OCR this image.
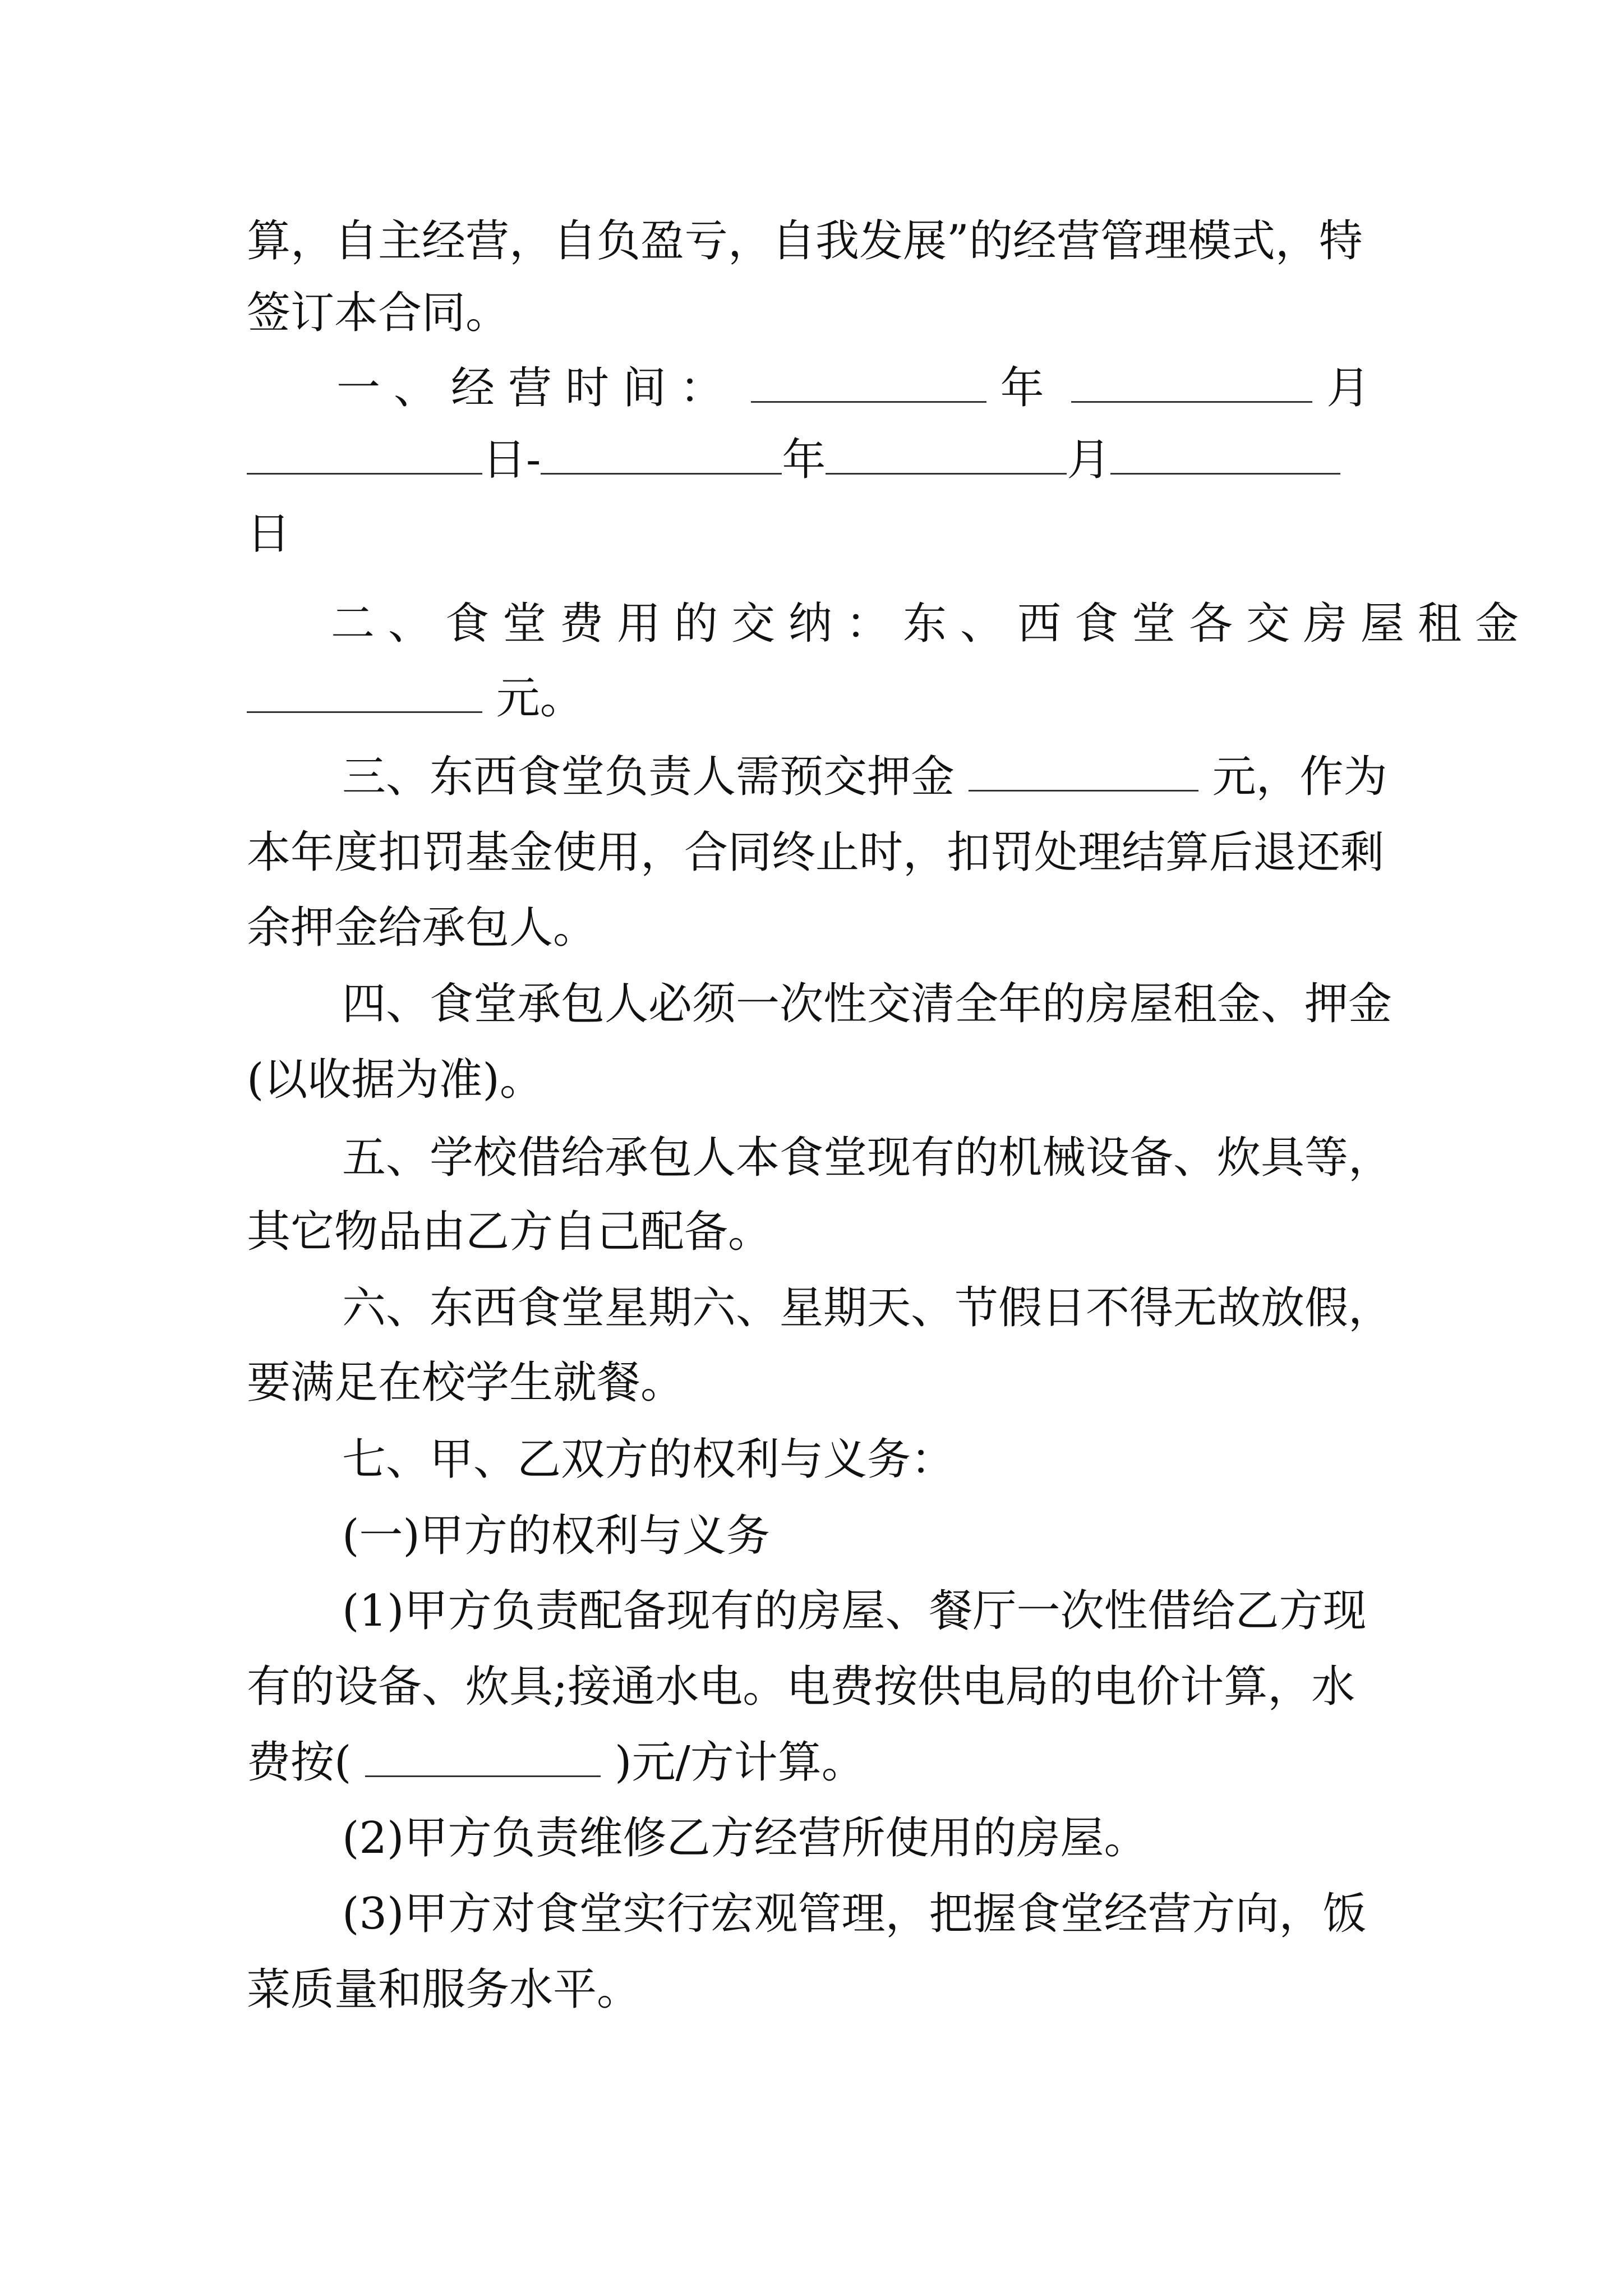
算，自主经营，自负盈亏，自我发展”的经营管理模式，特
签订本合同。
一、经营时间：	年	月
日-	年	月
日
二、食堂费用的交纳：东、西食堂各交房屋租金
元。
三、东西食堂负责人需预交押金	元，作为
本年度扣罚基金使用，合同终止时，扣罚处理结算后退还剩
余押金给承包人。
四、食堂承包人必须一次性交清全年的房屋租金、押金
(以收据为准)。
五、学校借给承包人本食堂现有的机械设备、炊具等，
其它物品由乙方自己配备。
六、东西食堂星期六、星期天、节假日不得无故放假，
要满足在校学生就餐。
七、甲、乙双方的权利与义务：
(一)甲方的权利与义务
(1)甲方负责配备现有的房屋、餐厅一次性借给乙方现
有的设备、炊具;接通水电。电费按供电局的电价计算，水
费按(	)元/方计算。
(2)甲方负责维修乙方经营所使用的房屋。
(3)甲方对食堂实行宏观管理，把握食堂经营方向，饭
菜质量和服务水平。
